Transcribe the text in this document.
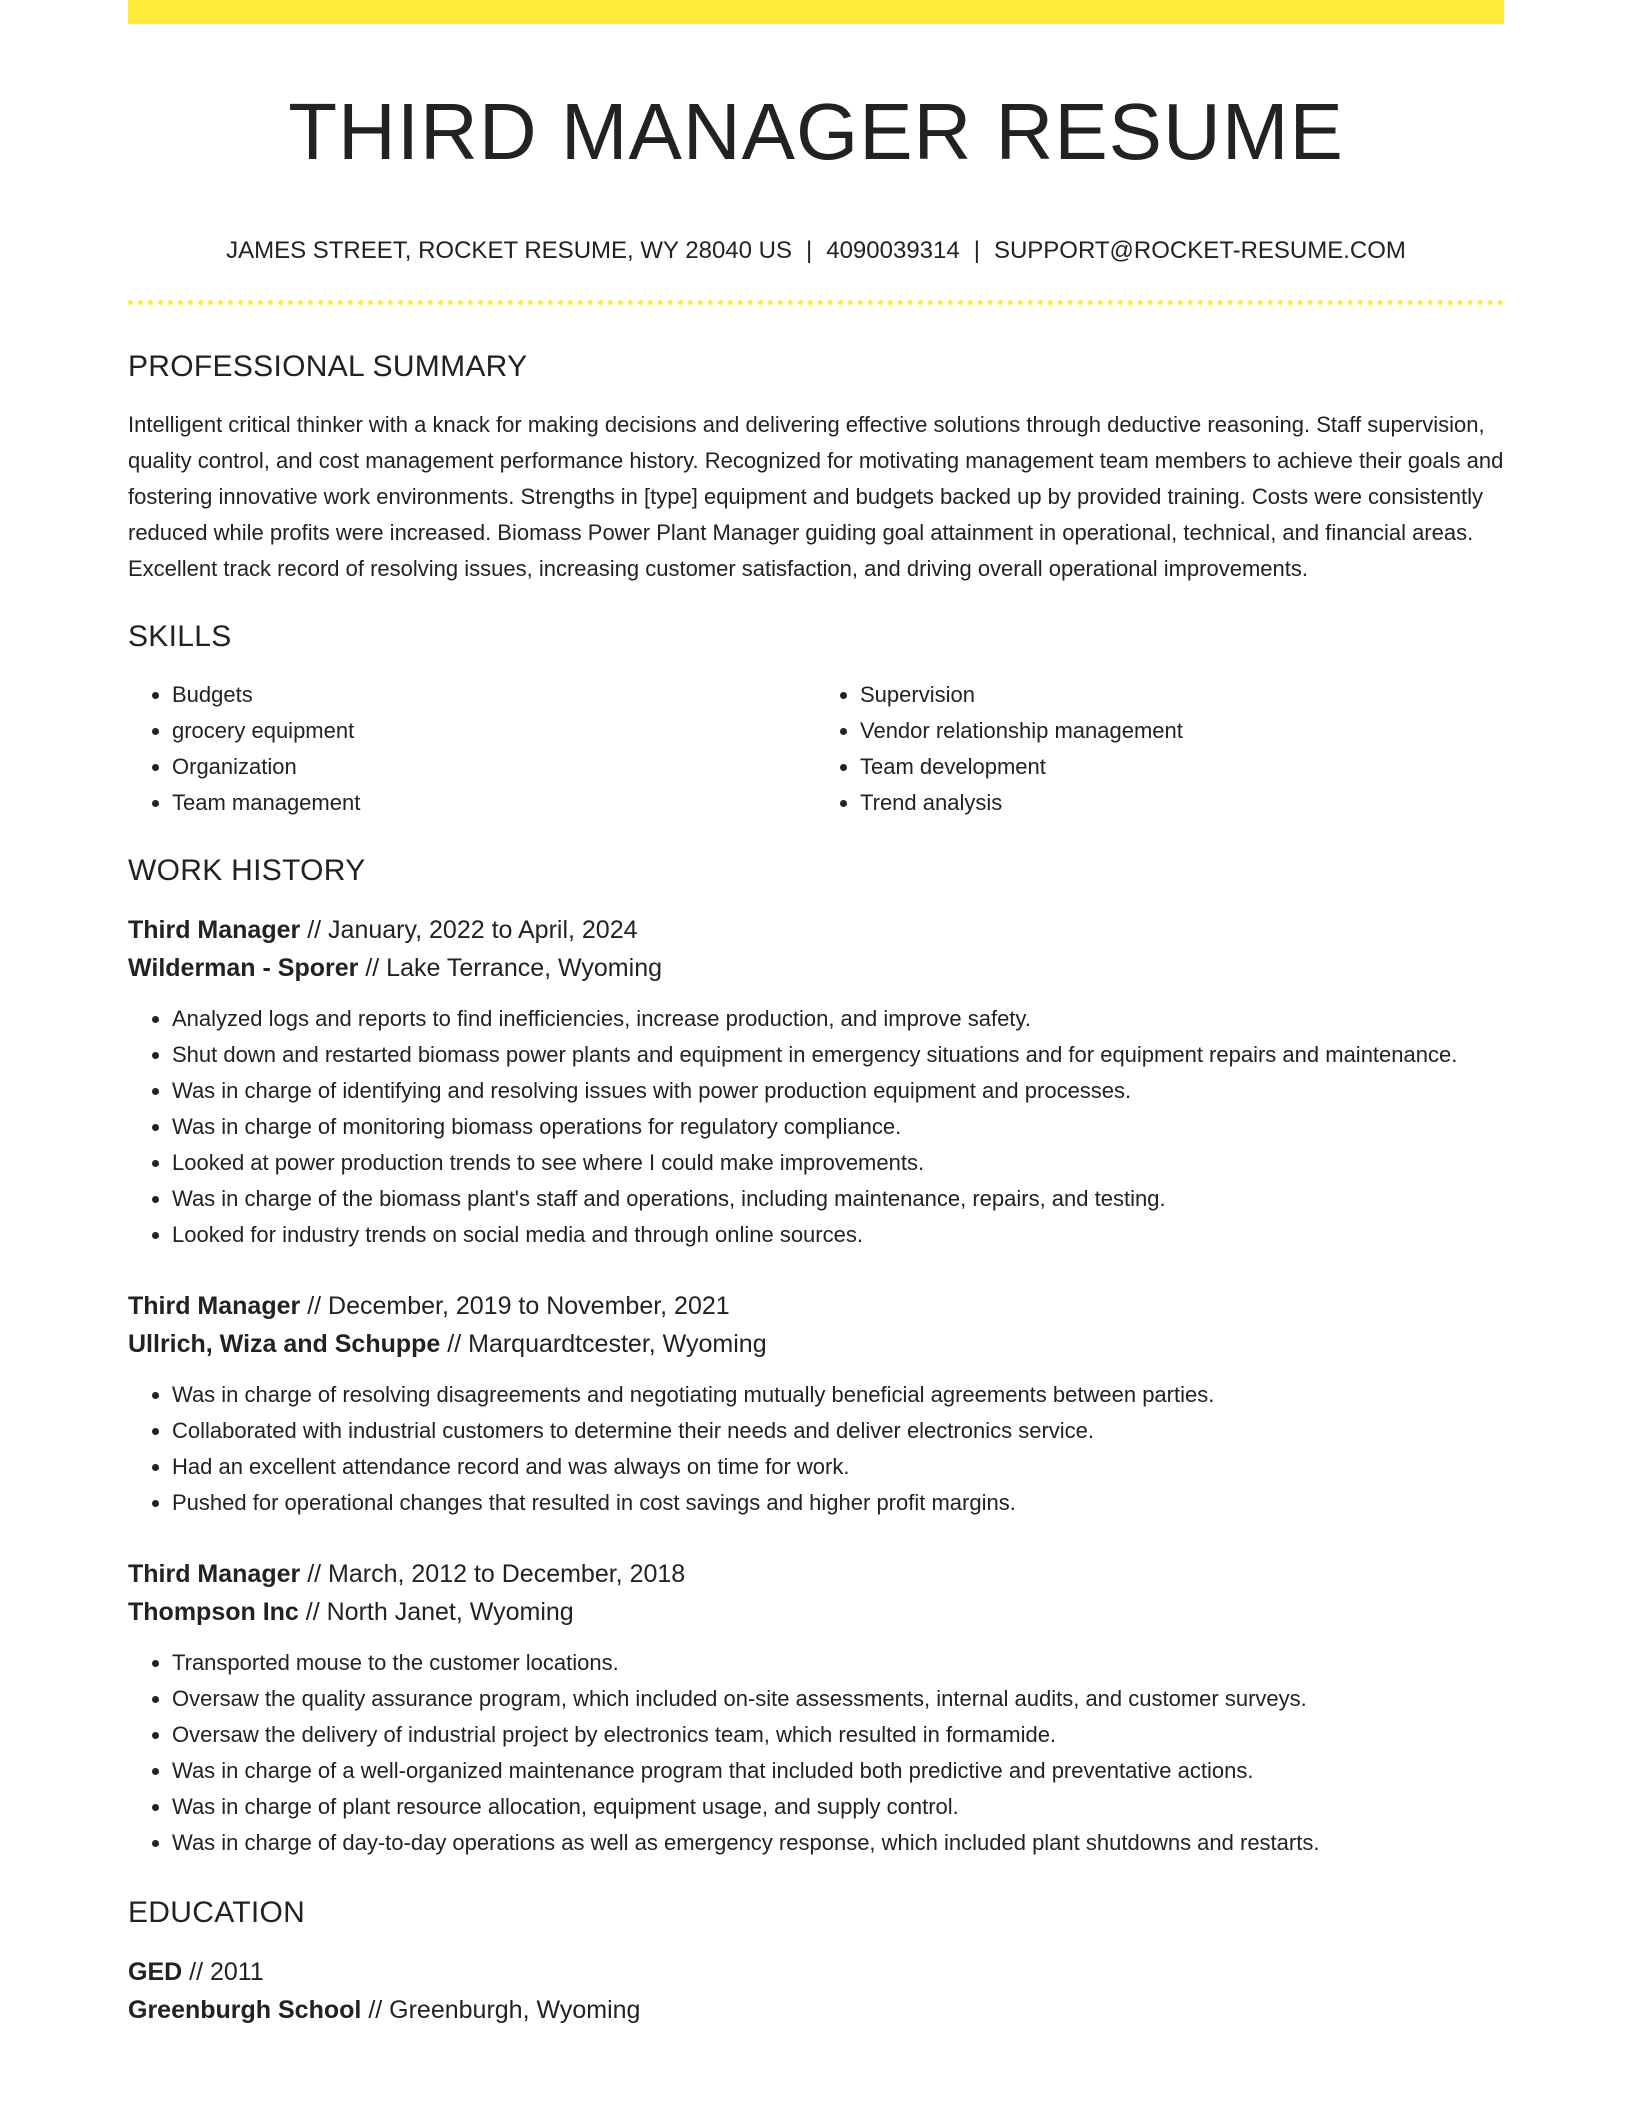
THIRD MANAGER RESUME
JAMES STREET, ROCKET RESUME, WY 28040 US | 4090039314 | SUPPORT@ROCKET-RESUME.COM
PROFESSIONAL SUMMARY

Intelligent critical thinker with a knack for making decisions and delivering effective solutions through deductive reasoning. Staff supervision, quality control, and cost management performance history. Recognized for motivating management team members to achieve their goals and fostering innovative work environments. Strengths in [type] equipment and budgets backed up by provided training. Costs were consistently reduced while profits were increased. Biomass Power Plant Manager guiding goal attainment in operational, technical, and financial areas. Excellent track record of resolving issues, increasing customer satisfaction, and driving overall operational improvements.

SKILLS
• Budgets
• grocery equipment
• Organization
• Team management
• Supervision
• Vendor relationship management
• Team development
• Trend analysis
WORK HISTORY
Third Manager // January, 2022 to April, 2024
Wilderman - Sporer // Lake Terrance, Wyoming
• Analyzed logs and reports to find inefficiencies, increase production, and improve safety.
• Shut down and restarted biomass power plants and equipment in emergency situations and for equipment repairs and maintenance.
• Was in charge of identifying and resolving issues with power production equipment and processes.
• Was in charge of monitoring biomass operations for regulatory compliance.
• Looked at power production trends to see where I could make improvements.
• Was in charge of the biomass plant's staff and operations, including maintenance, repairs, and testing.
• Looked for industry trends on social media and through online sources.
Third Manager // December, 2019 to November, 2021
Ullrich, Wiza and Schuppe // Marquardtcester, Wyoming
• Was in charge of resolving disagreements and negotiating mutually beneficial agreements between parties.
• Collaborated with industrial customers to determine their needs and deliver electronics service.
• Had an excellent attendance record and was always on time for work.
• Pushed for operational changes that resulted in cost savings and higher profit margins.
Third Manager // March, 2012 to December, 2018
Thompson Inc // North Janet, Wyoming
• Transported mouse to the customer locations.
• Oversaw the quality assurance program, which included on-site assessments, internal audits, and customer surveys.
• Oversaw the delivery of industrial project by electronics team, which resulted in formamide.
• Was in charge of a well-organized maintenance program that included both predictive and preventative actions.
• Was in charge of plant resource allocation, equipment usage, and supply control.
• Was in charge of day-to-day operations as well as emergency response, which included plant shutdowns and restarts.
EDUCATION
GED // 2011
Greenburgh School // Greenburgh, Wyoming
